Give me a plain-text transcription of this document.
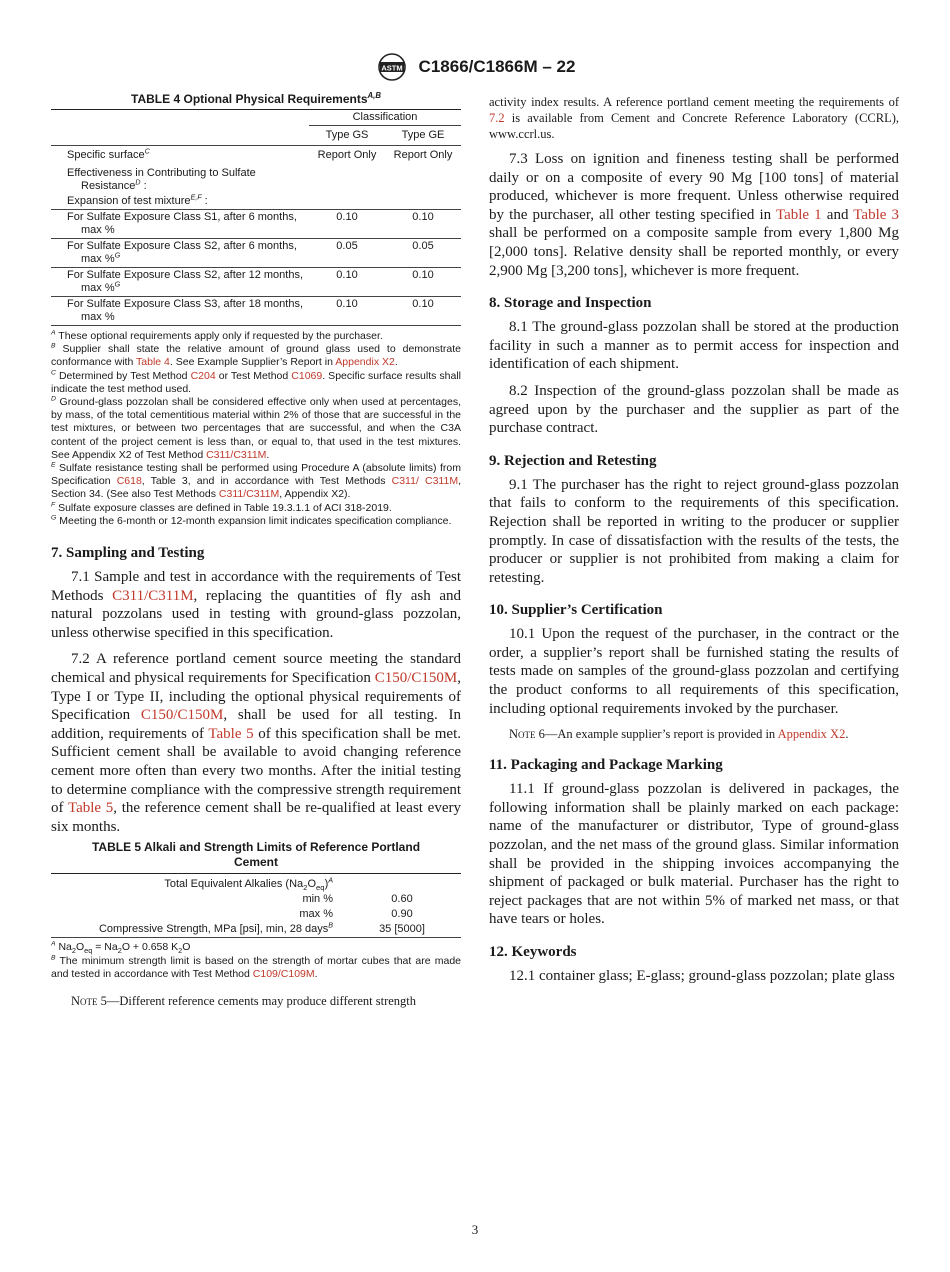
ASTM C1866/C1866M – 22
TABLE 4 Optional Physical Requirements$^{A,B}$
	Classification	
	Type GS	Type GE
Specific surface$^C$	Report Only	Report Only

Effectiveness in Contributing to Sulfate Resistance$^D$ :		
Expansion of test mixture$^{E,F}$ :		
For Sulfate Exposure Class S1, after 6 months, max %	0.10	0.10
For Sulfate Exposure Class S2, after 6 months, max %$^G$	0.05	0.05
For Sulfate Exposure Class S2, after 12 months, max %$^G$	0.10	0.10
For Sulfate Exposure Class S3, after 18 months, max %	0.10	0.10

$^A$ These optional requirements apply only if requested by the purchaser.

$^B$ Supplier shall state the relative amount of ground glass used to demonstrate conformance with Table 4. See Example Supplier’s Report in Appendix X2.

$^C$ Determined by Test Method C204 or Test Method C1069. Specific surface results shall indicate the test method used.

$^D$ Ground-glass pozzolan shall be considered effective only when used at percentages, by mass, of the total cementitious material within 2% of those that are successful in the test mixtures, or between two percentages that are successful, and when the C3A content of the project cement is less than, or equal to, that used in the test mixtures. See Appendix X2 of Test Method C311/C311M.

$^E$ Sulfate resistance testing shall be performed using Procedure A (absolute limits) from Specification C618, Table 3, and in accordance with Test Methods C311/ C311M, Section 34. (See also Test Methods C311/C311M, Appendix X2).

$^F$ Sulfate exposure classes are defined in Table 19.3.1.1 of ACI 318-2019.

$^G$ Meeting the 6-month or 12-month expansion limit indicates specification compliance.

7. Sampling and Testing

7.1 Sample and test in accordance with the requirements of Test Methods C311/C311M, replacing the quantities of fly ash and natural pozzolans used in testing with ground-glass pozzolan, unless otherwise specified in this specification.

7.2 A reference portland cement source meeting the standard chemical and physical requirements for Specification C150/C150M, Type I or Type II, including the optional physical requirements of Specification C150/C150M, shall be used for all testing. In addition, requirements of Table 5 of this specification shall be met. Sufficient cement shall be available to avoid changing reference cement more often than every two months. After the initial testing to determine compliance with the compressive strength requirement of Table 5, the reference cement shall be re-qualified at least every six months.

TABLE 5 Alkali and Strength Limits of Reference Portland Cement
Total Equivalent Alkalies $(Na_2O_{eq})^A$	
min %	0.60
max %	0.90
Compressive Strength, MPa [psi], min, 28 days$^B$	35 [5000]

$^A$ $Na_2O_{eq} = Na_2O + 0.658$ $K_2O$

$^B$ The minimum strength limit is based on the strength of mortar cubes that are made and tested in accordance with Test Method C109/C109M.

Note 5—Different reference cements may produce different strength

activity index results. A reference portland cement meeting the requirements of 7.2 is available from Cement and Concrete Reference Laboratory (CCRL), www.ccrl.us.

7.3 Loss on ignition and fineness testing shall be performed daily or on a composite of every 90 Mg [100 tons] of material produced, whichever is more frequent. Unless otherwise required by the purchaser, all other testing specified in Table 1 and Table 3 shall be performed on a composite sample from every 1,800 Mg [2,000 tons]. Relative density shall be reported monthly, or every 2,900 Mg [3,200 tons], whichever is more frequent.

8. Storage and Inspection

8.1 The ground-glass pozzolan shall be stored at the production facility in such a manner as to permit access for inspection and identification of each shipment.

8.2 Inspection of the ground-glass pozzolan shall be made as agreed upon by the purchaser and the supplier as part of the purchase contract.

9. Rejection and Retesting

9.1 The purchaser has the right to reject ground-glass pozzolan that fails to conform to the requirements of this specification. Rejection shall be reported in writing to the producer or supplier promptly. In case of dissatisfaction with the results of the tests, the producer or supplier is not prohibited from making a claim for retesting.

10. Supplier’s Certification

10.1 Upon the request of the purchaser, in the contract or the order, a supplier’s report shall be furnished stating the results of tests made on samples of the ground-glass pozzolan and certifying the product conforms to all requirements of this specification, including optional requirements invoked by the purchaser.

Note 6—An example supplier’s report is provided in Appendix X2.

11. Packaging and Package Marking

11.1 If ground-glass pozzolan is delivered in packages, the following information shall be plainly marked on each package: name of the manufacturer or distributor, Type of ground-glass pozzolan, and the net mass of the ground glass. Similar information shall be provided in the shipping invoices accompanying the shipment of packaged or bulk material. Purchaser has the right to reject packages that are not within 5% of marked net mass, or that have tears or holes.

12. Keywords

12.1 container glass; E-glass; ground-glass pozzolan; plate glass

3
